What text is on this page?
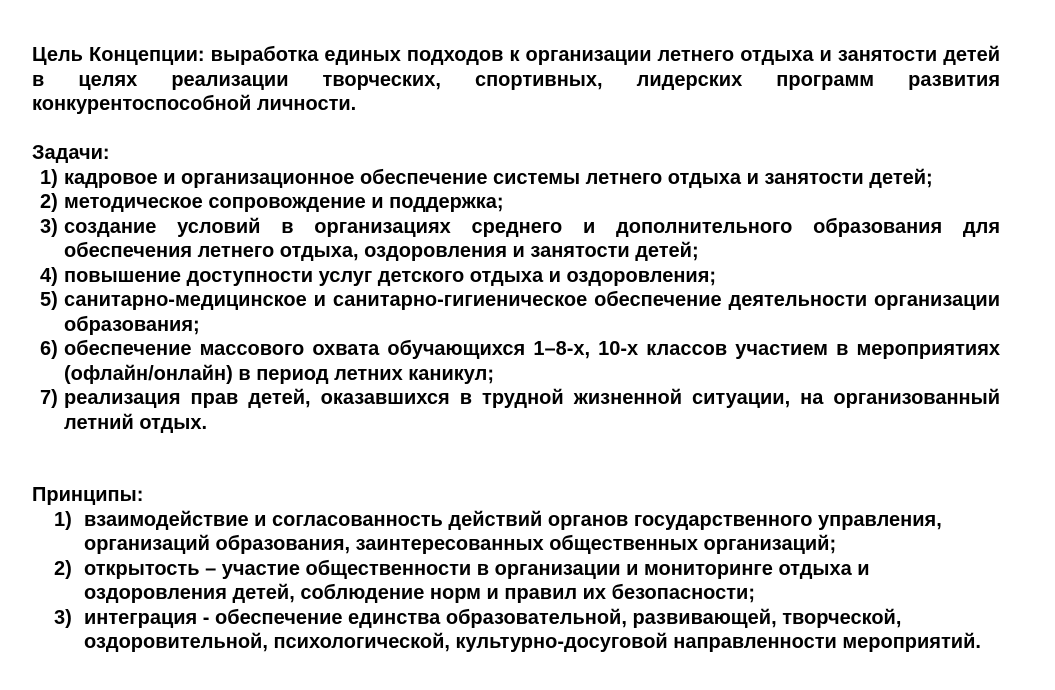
Цель Концепции: выработка единых подходов к организации летнего отдыха и занятости детей в целях реализации творческих, спортивных, лидерских программ развития конкурентоспособной личности.

Задачи:

1) кадровое и организационное обеспечение системы летнего отдыха и занятости детей;
2) методическое сопровождение и поддержка;
3) создание условий в организациях среднего и дополнительного образования для обеспечения летнего отдыха, оздоровления и занятости детей;
4) повышение доступности услуг детского отдыха и оздоровления;
5) санитарно-медицинское и санитарно-гигиеническое обеспечение деятельности организации образования;
6) обеспечение массового охвата обучающихся 1–8-х, 10-х классов участием в мероприятиях (офлайн/онлайн) в период летних каникул;
7) реализация прав детей, оказавшихся в трудной жизненной ситуации, на организованный летний отдых.

Принципы:

1) взаимодействие и согласованность действий органов государственного управления, организаций образования, заинтересованных общественных организаций;
2) открытость – участие общественности в организации и мониторинге отдыха и оздоровления детей, соблюдение норм и правил их безопасности;
3) интеграция - обеспечение единства образовательной, развивающей, творческой, оздоровительной, психологической, культурно-досуговой направленности мероприятий.
